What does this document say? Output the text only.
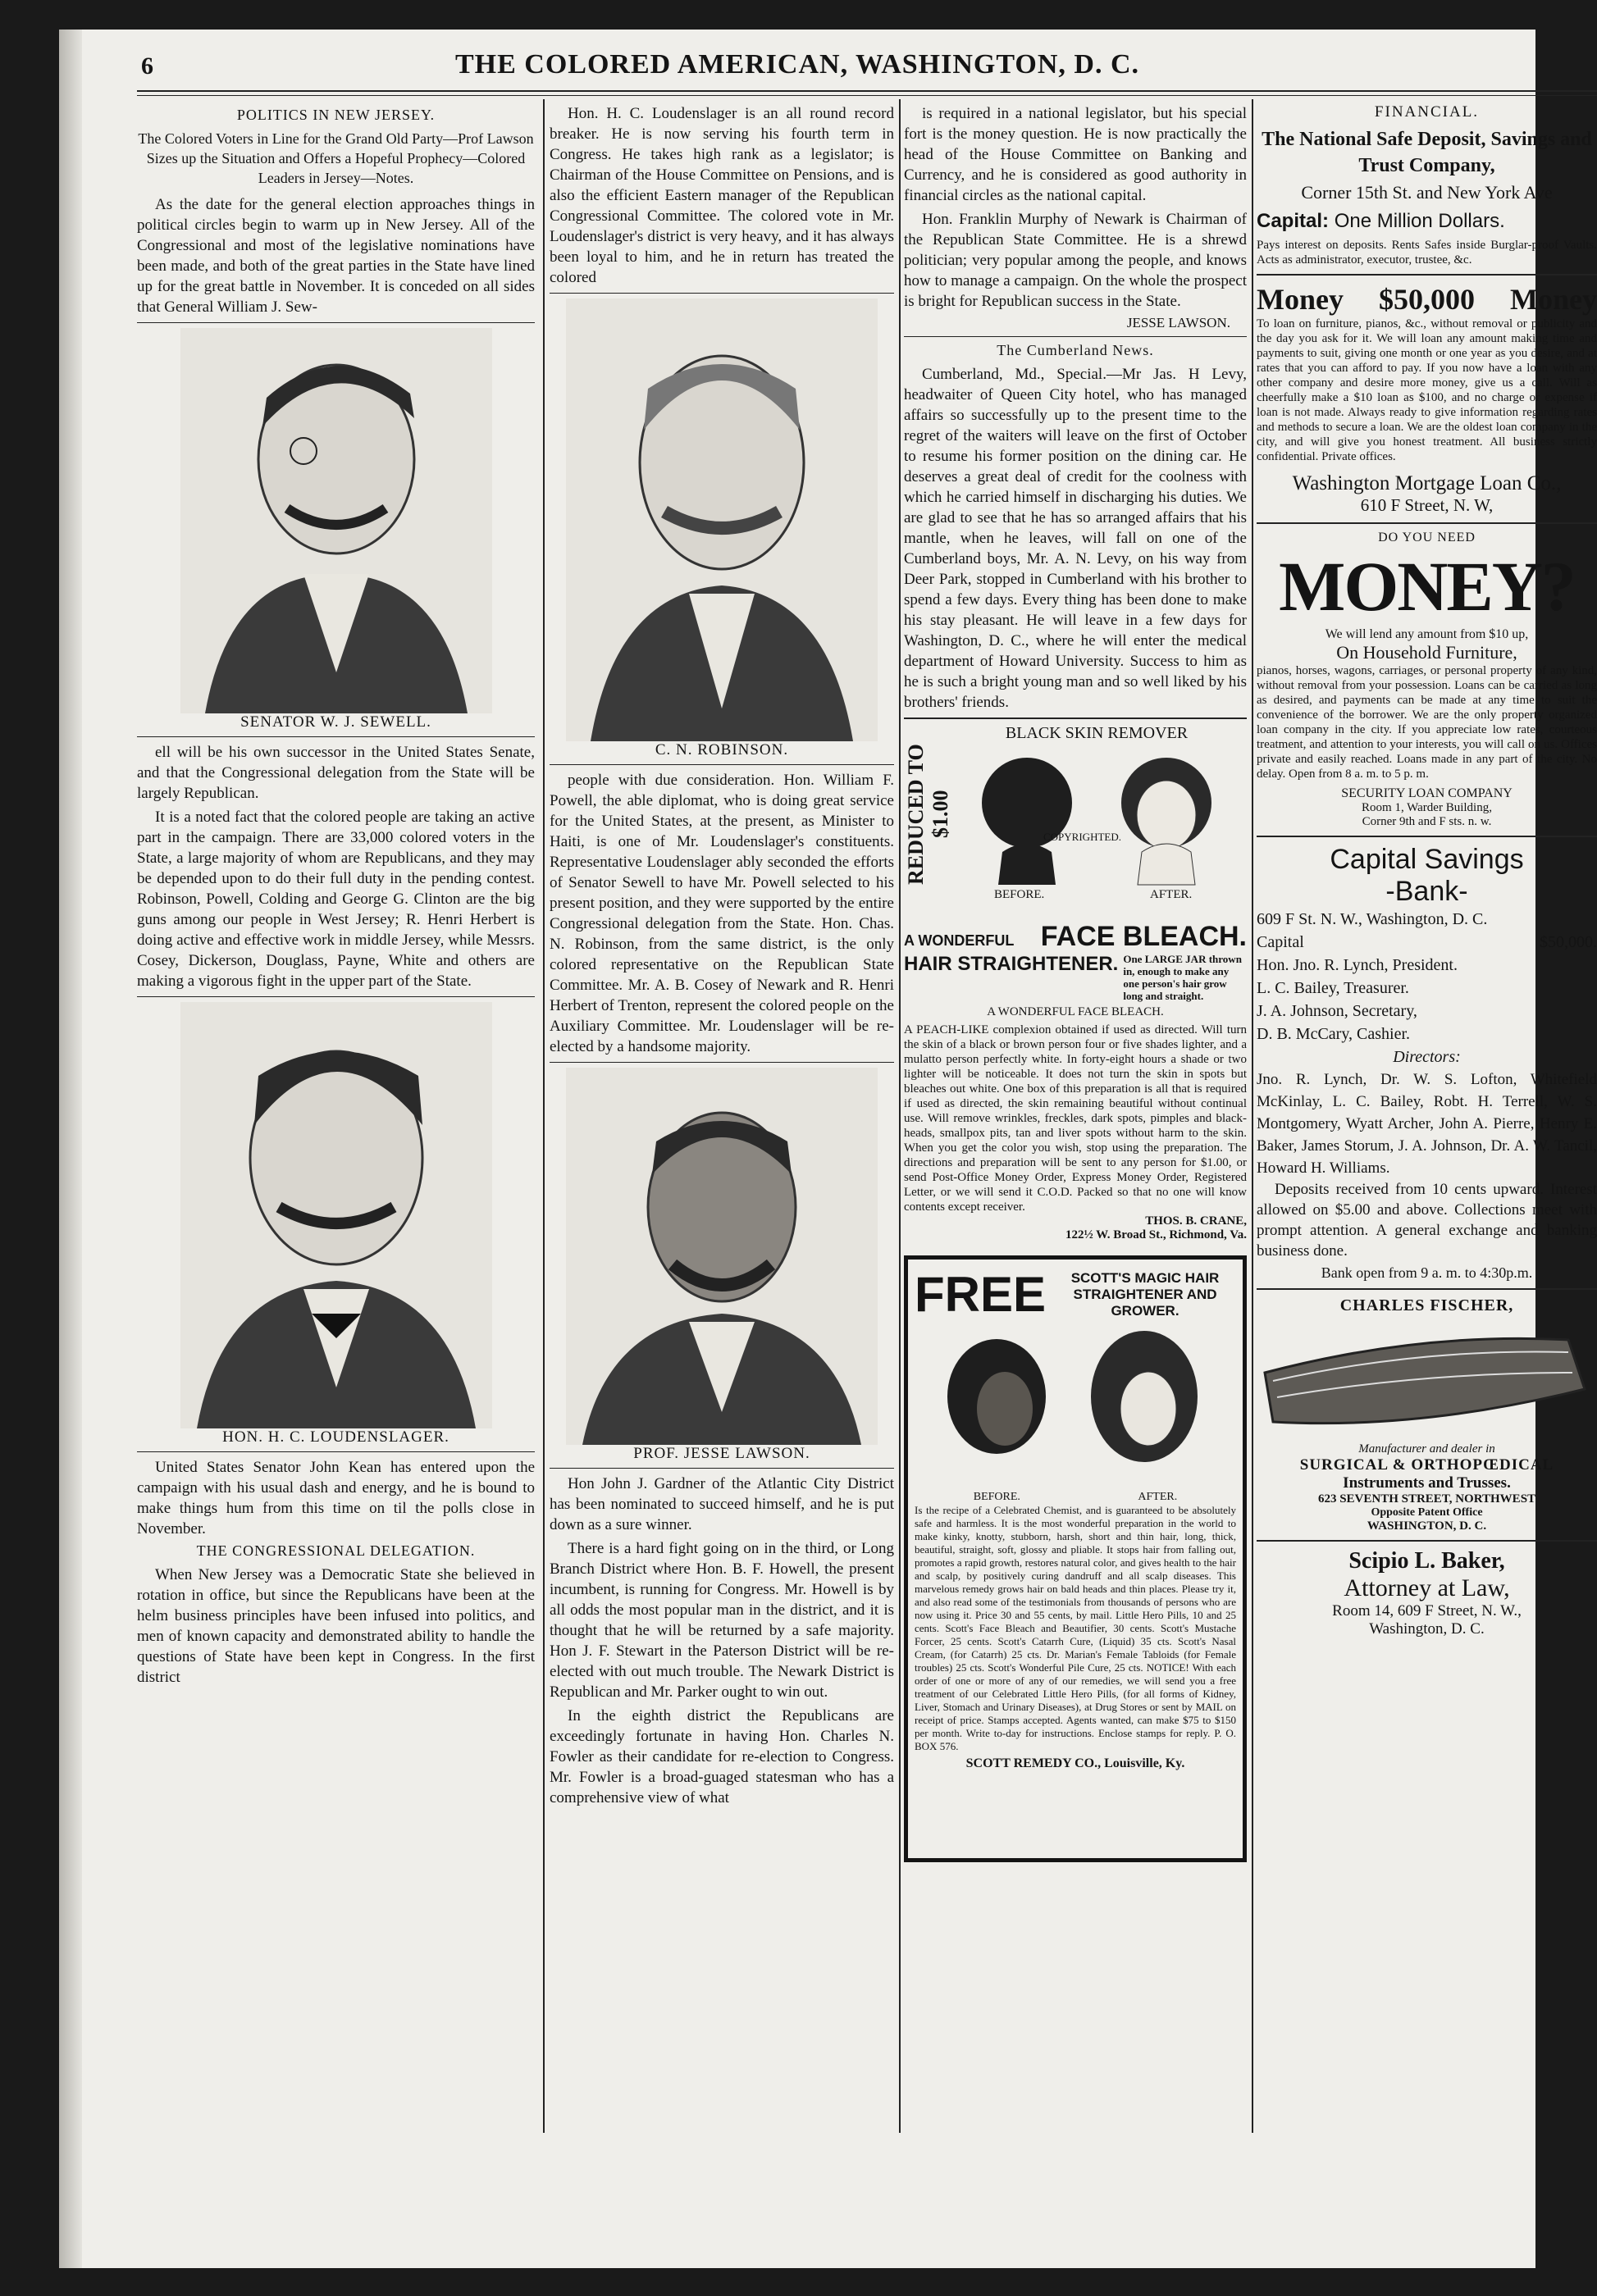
6	THE COLORED AMERICAN, WASHINGTON, D. C.
POLITICS IN NEW JERSEY.
The Colored Voters in Line for the Grand Old Party—Prof Lawson Sizes up the Situation and Offers a Hopeful Prophecy—Colored Leaders in Jersey—Notes.

As the date for the general election approaches things in political circles begin to warm up in New Jersey. All of the Congressional and most of the legislative nominations have been made, and both of the great parties in the State have lined up for the great battle in November. It is conceded on all sides that General William J. Sew-

SENATOR W. J. SEWELL.

ell will be his own successor in the United States Senate, and that the Congressional delegation from the State will be largely Republican.

It is a noted fact that the colored people are taking an active part in the campaign. There are 33,000 colored voters in the State, a large majority of whom are Republicans, and they may be depended upon to do their full duty in the pending contest. Robinson, Powell, Colding and George G. Clinton are the big guns among our people in West Jersey; R. Henri Herbert is doing active and effective work in middle Jersey, while Messrs. Cosey, Dickerson, Douglass, Payne, White and others are making a vigorous fight in the upper part of the State.

HON. H. C. LOUDENSLAGER.

United States Senator John Kean has entered upon the campaign with his usual dash and energy, and he is bound to make things hum from this time on til the polls close in November.

THE CONGRESSIONAL DELEGATION.

When New Jersey was a Democratic State she believed in rotation in office, but since the Republicans have been at the helm business principles have been infused into politics, and men of known capacity and demonstrated ability to handle the questions of State have been kept in Congress. In the first district

Hon. H. C. Loudenslager is an all round record breaker. He is now serving his fourth term in Congress. He takes high rank as a legislator; is Chairman of the House Committee on Pensions, and is also the efficient Eastern manager of the Republican Congressional Committee. The colored vote in Mr. Loudenslager's district is very heavy, and it has always been loyal to him, and he in return has treated the colored

C. N. ROBINSON.

people with due consideration. Hon. William F. Powell, the able diplomat, who is doing great service for the United States, at the present, as Minister to Haiti, is one of Mr. Loudenslager's constituents. Representative Loudenslager ably seconded the efforts of Senator Sewell to have Mr. Powell selected to his present position, and they were supported by the entire Congressional delegation from the State. Hon. Chas. N. Robinson, from the same district, is the only colored representative on the Republican State Committee. Mr. A. B. Cosey of Newark and R. Henri Herbert of Trenton, represent the colored people on the Auxiliary Committee. Mr. Loudenslager will be re-elected by a handsome majority.

PROF. JESSE LAWSON.

Hon John J. Gardner of the Atlantic City District has been nominated to succeed himself, and he is put down as a sure winner.

There is a hard fight going on in the third, or Long Branch District where Hon. B. F. Howell, the present incumbent, is running for Congress. Mr. Howell is by all odds the most popular man in the district, and it is thought that he will be returned by a safe majority. Hon J. F. Stewart in the Paterson District will be re-elected with out much trouble. The Newark District is Republican and Mr. Parker ought to win out.

In the eighth district the Republicans are exceedingly fortunate in having Hon. Charles N. Fowler as their candidate for re-election to Congress. Mr. Fowler is a broad-guaged statesman who has a comprehensive view of what

is required in a national legislator, but his special fort is the money question. He is now practically the head of the House Committee on Banking and Currency, and he is considered as good authority in financial circles as the national capital.

Hon. Franklin Murphy of Newark is Chairman of the Republican State Committee. He is a shrewd politician; very popular among the people, and knows how to manage a campaign. On the whole the prospect is bright for Republican success in the State.

JESSE LAWSON.
The Cumberland News.

Cumberland, Md., Special.—Mr Jas. H Levy, headwaiter of Queen City hotel, who has managed affairs so successfully up to the present time to the regret of the waiters will leave on the first of October to resume his former position on the dining car. He deserves a great deal of credit for the coolness with which he carried himself in discharging his duties. We are glad to see that he has so arranged affairs that his mantle, when he leaves, will fall on one of the Cumberland boys, Mr. A. N. Levy, on his way from Deer Park, stopped in Cumberland with his brother to spend a few days. Every thing has been done to make his stay pleasant. He will leave in a few days for Washington, D. C., where he will enter the medical department of Howard University. Success to him as he is such a bright young man and so well liked by his brothers' friends.

REDUCED TO $1.00
BLACK SKIN REMOVER
COPYRIGHTED.
BEFORE.	AFTER.
A WONDERFUL FACE BLEACH.
HAIR STRAIGHTENER. One LARGE JAR thrown in, enough to make any one person's hair grow long and straight.
A WONDERFUL FACE BLEACH.
A PEACH-LIKE complexion obtained if used as directed. Will turn the skin of a black or brown person four or five shades lighter, and a mulatto person perfectly white. In forty-eight hours a shade or two lighter will be noticeable. It does not turn the skin in spots but bleaches out white. One box of this preparation is all that is required if used as directed, the skin remaining beautiful without continual use. Will remove wrinkles, freckles, dark spots, pimples and black-heads, smallpox pits, tan and liver spots without harm to the skin. When you get the color you wish, stop using the preparation. The directions and preparation will be sent to any person for $1.00, or send Post-Office Money Order, Express Money Order, Registered Letter, or we will send it C.O.D. Packed so that no one will know contents except receiver.
THOS. B. CRANE,
122½ W. Broad St., Richmond, Va.
FREE	SCOTT'S MAGIC HAIR STRAIGHTENER AND GROWER.
BEFORE.	AFTER.
Is the recipe of a Celebrated Chemist, and is guaranteed to be absolutely safe and harmless. It is the most wonderful preparation in the world to make kinky, knotty, stubborn, harsh, short and thin hair, long, thick, beautiful, straight, soft, glossy and pliable. It stops hair from falling out, promotes a rapid growth, restores natural color, and gives health to the hair and scalp, by positively curing dandruff and all scalp diseases. This marvelous remedy grows hair on bald heads and thin places. Please try it, and also read some of the testimonials from thousands of persons who are now using it. Price 30 and 55 cents, by mail. Little Hero Pills, 10 and 25 cents. Scott's Face Bleach and Beautifier, 30 cents. Scott's Mustache Forcer, 25 cents. Scott's Catarrh Cure, (Liquid) 35 cts. Scott's Nasal Cream, (for Catarrh) 25 cts. Dr. Marian's Female Tabloids (for Female troubles) 25 cts. Scott's Wonderful Pile Cure, 25 cts. NOTICE! With each order of one or more of any of our remedies, we will send you a free treatment of our Celebrated Little Hero Pills, (for all forms of Kidney, Liver, Stomach and Urinary Diseases), at Drug Stores or sent by MAIL on receipt of price. Stamps accepted. Agents wanted, can make $75 to $150 per month. Write to-day for instructions. Enclose stamps for reply. P. O. BOX 576.
SCOTT REMEDY CO., Louisville, Ky.
FINANCIAL.
The National Safe Deposit, Savings and Trust Company,
Corner 15th St. and New York Ave
Capital: One Million Dollars.
Pays interest on deposits. Rents Safes inside Burglar-proof Vaults. Acts as administrator, executor, trustee, &c.
Money $50,000 Money
To loan on furniture, pianos, &c., without removal or publicity and the day you ask for it. We will loan any amount making time and payments to suit, giving one month or one year as you desire, and at rates that you can afford to pay. If you now have a loan with any other company and desire more money, give us a call. Will as cheerfully make a $10 loan as $100, and no charge or expense if loan is not made. Always ready to give information regarding rates and methods to secure a loan. We are the oldest loan company in the city, and will give you honest treatment. All business strictly confidential. Private offices.
Washington Mortgage Loan Co.,
610 F Street, N. W,
DO YOU NEED
MONEY?
We will lend any amount from $10 up,
On Household Furniture,
pianos, horses, wagons, carriages, or personal property of any kind, without removal from your possession. Loans can be carried as long as desired, and payments can be made at any time to suit the convenience of the borrower. We are the only property organized loan company in the city. If you appreciate low rates, courteous treatment, and attention to your interests, you will call on us. Offices private and easily reached. Loans made in any part of the city. No delay. Open from 8 a. m. to 5 p. m.
SECURITY LOAN COMPANY
Room 1, Warder Building,
Corner 9th and F sts. n. w.
Capital Savings
-Bank-
609 F St. N. W., Washington, D. C.
Capital	$50,000.
Hon. Jno. R. Lynch, President.
L. C. Bailey, Treasurer.
J. A. Johnson, Secretary,
D. B. McCary, Cashier.
Directors:
Jno. R. Lynch, Dr. W. S. Lofton, Whitefield McKinlay, L. C. Bailey, Robt. H. Terrell, W. S. Montgomery, Wyatt Archer, John A. Pierre, Henry E. Baker, James Storum, J. A. Johnson, Dr. A. W. Tancil, Howard H. Williams.

Deposits received from 10 cents upward. Interest allowed on $5.00 and above. Collections meet with prompt attention. A general exchange and banking business done.

Bank open from 9 a. m. to 4:30p.m.
CHARLES FISCHER,
Manufacturer and dealer in
SURGICAL & ORTHOPŒDICAL
Instruments and Trusses.
623 SEVENTH STREET, NORTHWEST
Opposite Patent Office
WASHINGTON, D. C.
Scipio L. Baker,
Attorney at Law,
Room 14, 609 F Street, N. W.,
Washington, D. C.
